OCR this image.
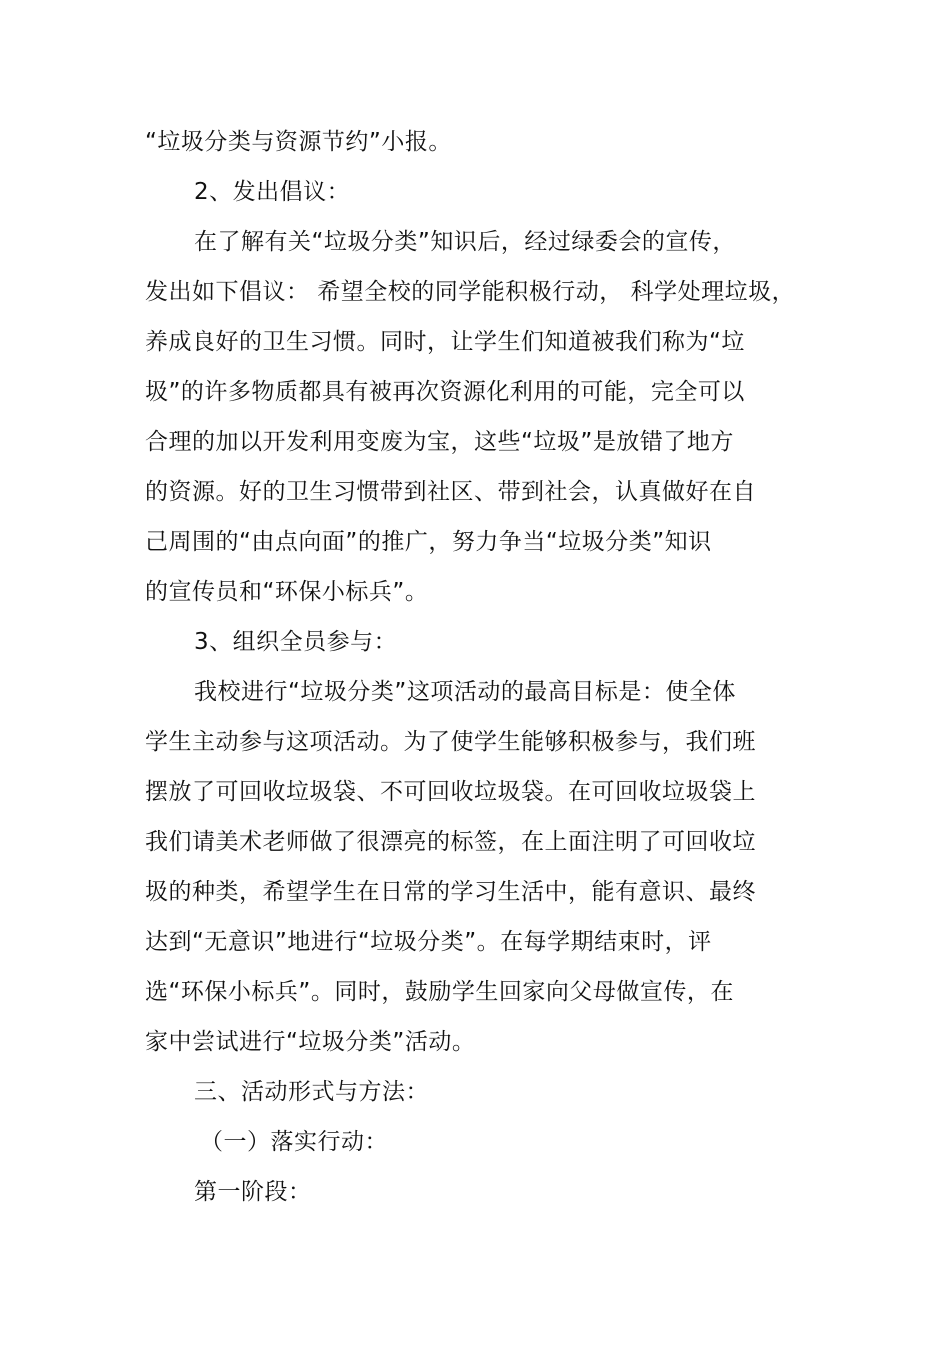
“垃圾分类与资源节约”小报。
2、发出倡议：
在了解有关“垃圾分类”知识后，经过绿委会的宣传，
发出如下倡议： 希望全校的同学能积极行动， 科学处理垃圾，
养成良好的卫生习惯。同时，让学生们知道被我们称为“垃
圾”的许多物质都具有被再次资源化利用的可能，完全可以
合理的加以开发利用变废为宝，这些“垃圾”是放错了地方
的资源。好的卫生习惯带到社区、带到社会，认真做好在自
己周围的“由点向面”的推广，努力争当“垃圾分类”知识
的宣传员和“环保小标兵”。
3、组织全员参与：
我校进行“垃圾分类”这项活动的最高目标是：使全体
学生主动参与这项活动。为了使学生能够积极参与，我们班
摆放了可回收垃圾袋、不可回收垃圾袋。在可回收垃圾袋上
我们请美术老师做了很漂亮的标签，在上面注明了可回收垃
圾的种类，希望学生在日常的学习生活中，能有意识、最终
达到“无意识”地进行“垃圾分类”。在每学期结束时，评
选“环保小标兵”。同时，鼓励学生回家向父母做宣传，在
家中尝试进行“垃圾分类”活动。
三、活动形式与方法：
（一）落实行动：
第一阶段：
